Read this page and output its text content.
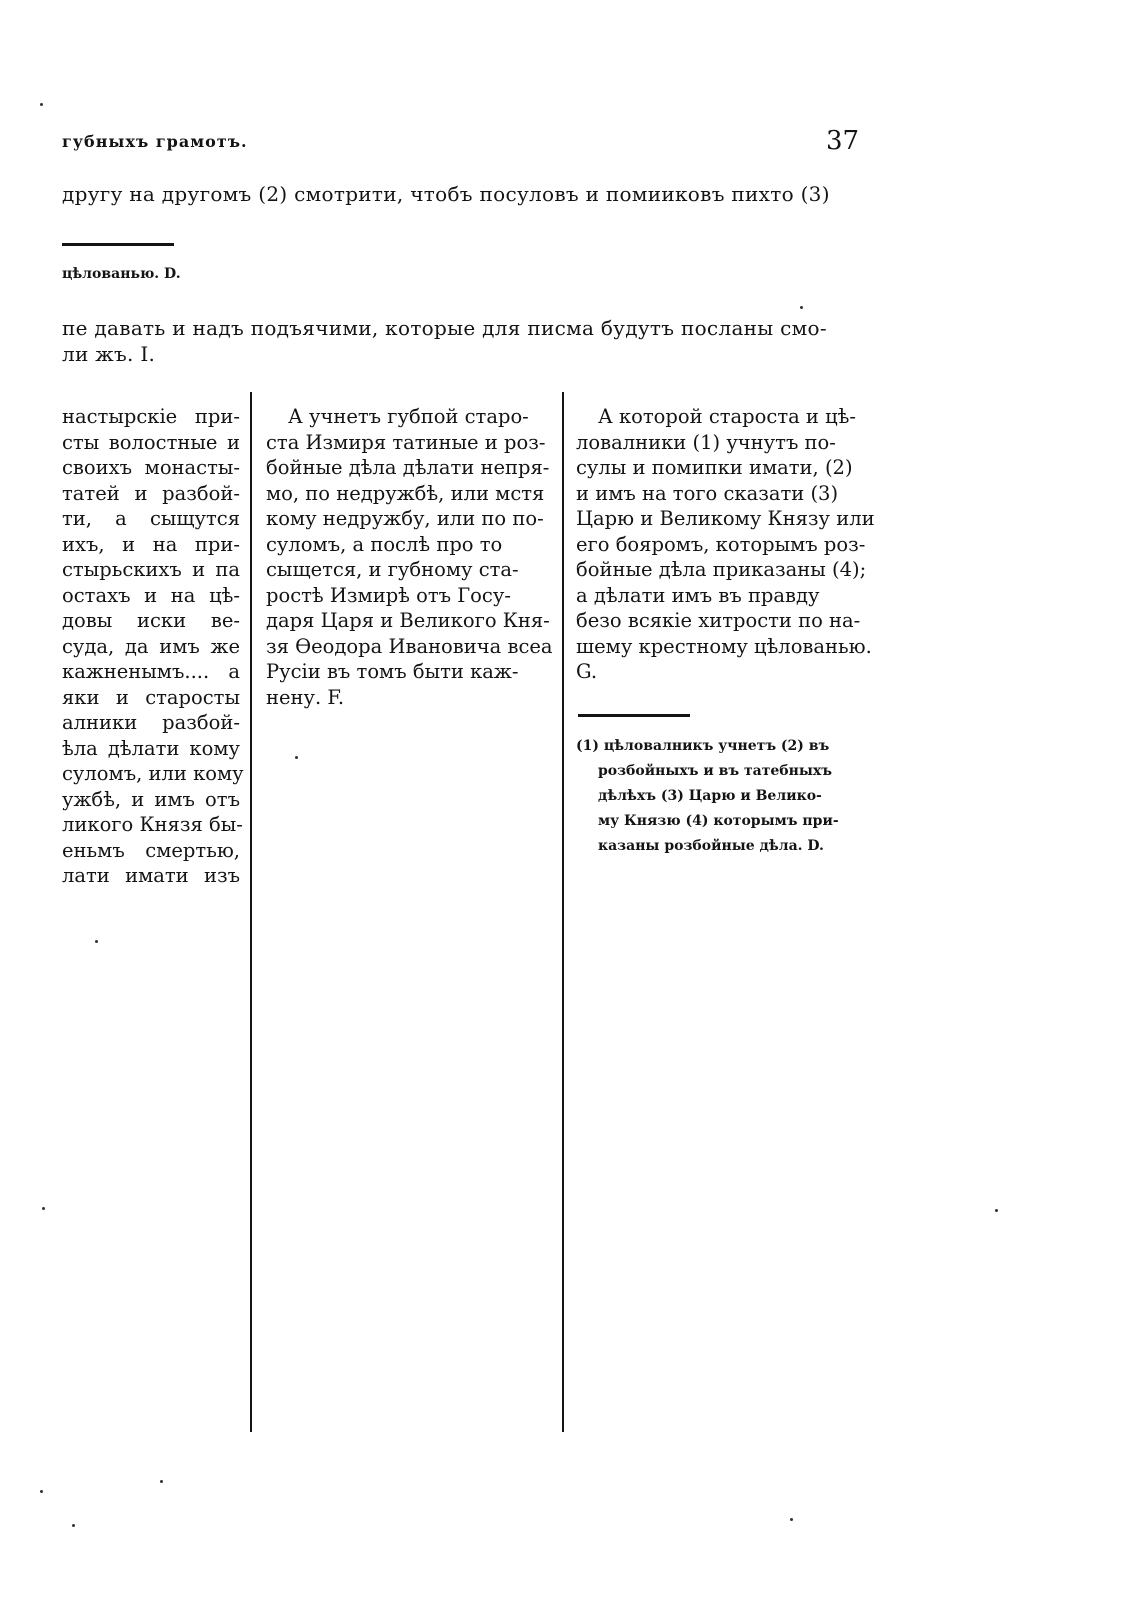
губныхъ грамотъ.	37
другу на другомъ (2) смотрити, чтобъ посуловъ и помииковъ пихто (3)
цѣлованью. D.
пе давать и надъ подъячими, которые для писма будутъ посланы смо-
ли жъ. I.
настырскіе при-
сты волостные и
своихъ монасты-
татей и разбой-
ти, а сыщутся
ихъ, и на при-
стырьскихъ и па
остахъ и на цѣ-
довы иски ве-
суда, да имъ же
кажненымъ.... а
яки и старосты
алники разбой-
ѣла дѣлати кому
суломъ, или кому
ужбѣ, и имъ отъ
ликого Князя бы-
еньмъ смертью,
лати имати изъ
А учнетъ губпой старо-
ста Измиря татиные и роз-
бойные дѣла дѣлати непря-
мо, по недружбѣ, или мстя
кому недружбу, или по по-
суломъ, а послѣ про то
сыщется, и губному ста-
ростѣ Измирѣ отъ Госу-
даря Царя и Великого Кня-
зя Ѳеодора Ивановича всеа
Русіи въ томъ быти каж-
нену. F.
А которой староста и цѣ-
ловалники (1) учнутъ по-
сулы и помипки имати, (2)
и имъ на того сказати (3)
Царю и Великому Князу или
его бояромъ, которымъ роз-
бойные дѣла приказаны (4);
а дѣлати имъ въ правду
безо всякіе хитрости по на-
шему крестному цѣлованью.
G.
(1) цѣловалникъ учнетъ (2) въ
розбойныхъ и въ татебныхъ
дѣлѣхъ (3) Царю и Велико-
му Князю (4) которымъ при-
казаны розбойные дѣла. D.
